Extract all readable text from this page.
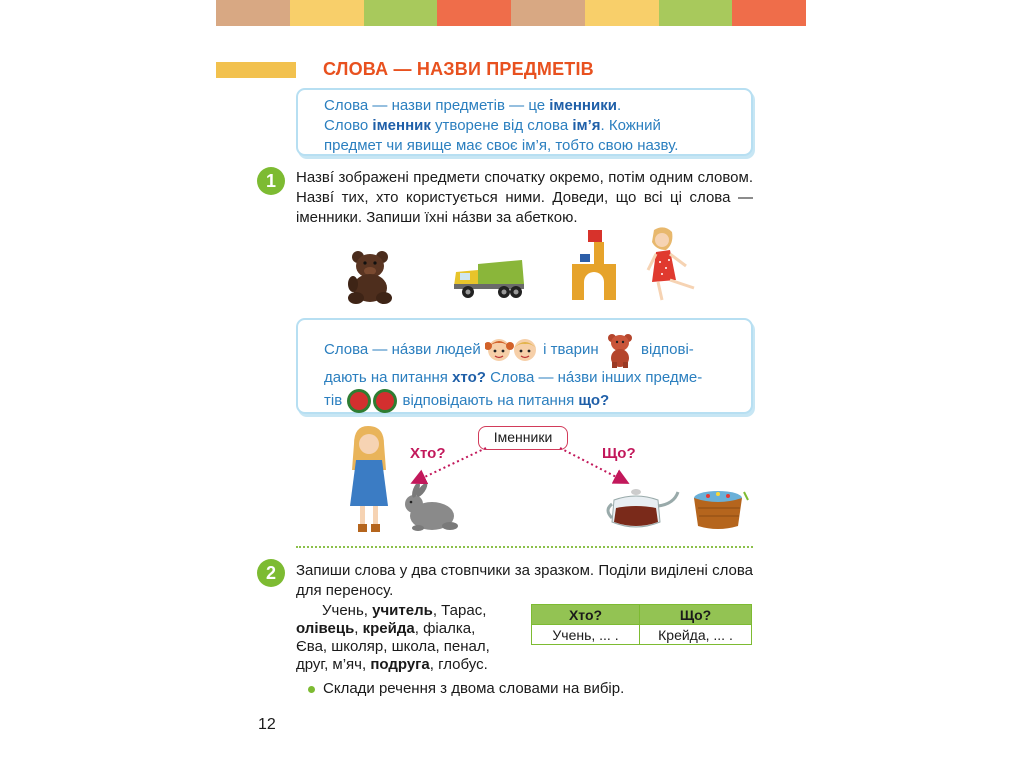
СЛОВА — НАЗВИ ПРЕДМЕТІВ
Слова — назви предметів — це іменники.
Слово іменник утворене від слова ім’я. Кожний
предмет чи явище має своє ім’я, тобто свою назву.
1	Назвí зображені предмети спочатку окремо, потім одним словом. Назвí тих, хто користується ними. Доведи, що всі ці слова — іменники. Запиши їхні нáзви за абеткою.
Слова — нáзви людей	і тварин	відпові-
дають на питання хто? Слова — нáзви інших предме-
тів	відповідають на питання що?
Іменники
Хто?	Що?
2	Запиши слова у два стовпчики за зразком. Поділи виділені слова для переносу.
Учень, учитель, Тарас,
олівець, крейда, фіалка,
Єва, школяр, школа, пенал,
друг, м’яч, подруга, глобус.
Хто?	Що?
Учень, ... .	Крейда, ... .
Склади речення з двома словами на вибір.
12
